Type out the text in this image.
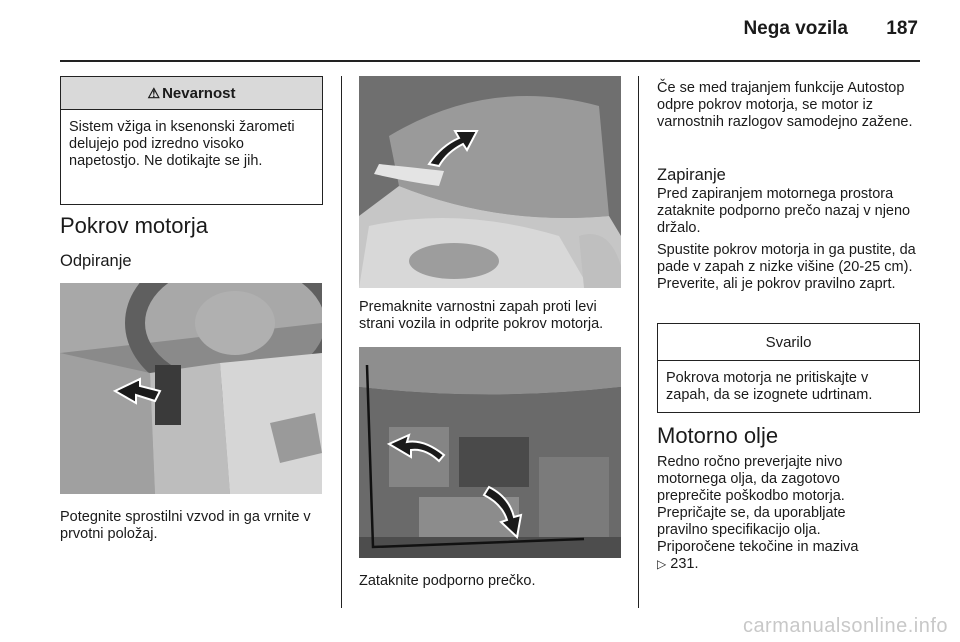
Nega vozila 187
⚠ Nevarnost
Sistem vžiga in ksenonski žarometi delujejo pod izredno visoko napetostjo. Ne dotikajte se jih.
Pokrov motorja
Odpiranje
Potegnite sprostilni vzvod in ga vrnite v prvotni položaj.
Premaknite varnostni zapah proti levi strani vozila in odprite pokrov motorja.
Zataknite podporno prečko.
Če se med trajanjem funkcije Autostop odpre pokrov motorja, se motor iz varnostnih razlogov samodejno zažene.
Zapiranje
Pred zapiranjem motornega prostora zataknite podporno prečo nazaj v njeno držalo.
Spustite pokrov motorja in ga pustite, da pade v zapah z nizke višine (20-25 cm). Preverite, ali je pokrov pravilno zaprt.
Svarilo
Pokrova motorja ne pritiskajte v zapah, da se izognete udrtinam.
Motorno olje
Redno ročno preverjajte nivo motornega olja, da zagotovo preprečite poškodbo motorja. Prepričajte se, da uporabljate pravilno specifikacijo olja. Priporočene tekočine in maziva
▷ 231.
carmanualsonline.info
